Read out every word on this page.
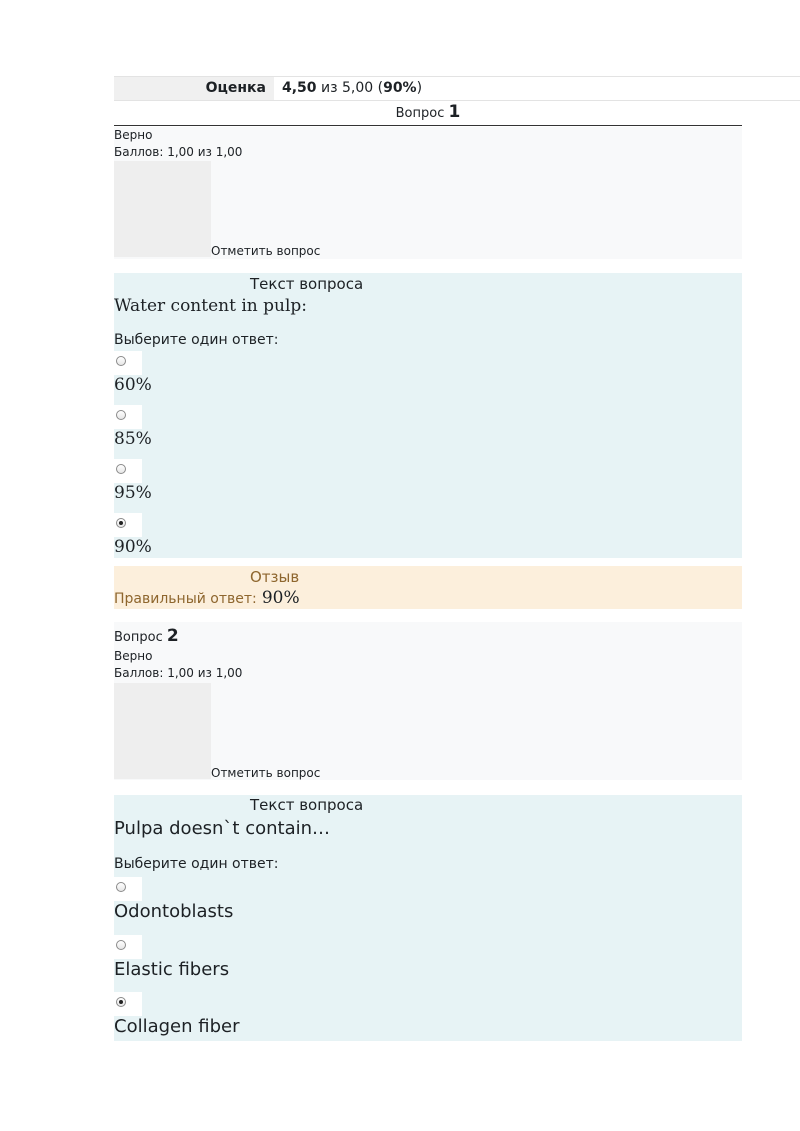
Оценка 4,50 из 5,00 (90%)
Вопрос 1
Верно
Баллов: 1,00 из 1,00
Отметить вопрос
Текст вопроса
Water content in pulp:
Выберите один ответ:
60%
85%
95%
90%
Отзыв
Правильный ответ: 90%
Вопрос 2
Верно
Баллов: 1,00 из 1,00
Отметить вопрос
Текст вопроса
Pulpa doesn`t contain…
Выберите один ответ:
Odontoblasts
Elastic fibers
Collagen fiber
